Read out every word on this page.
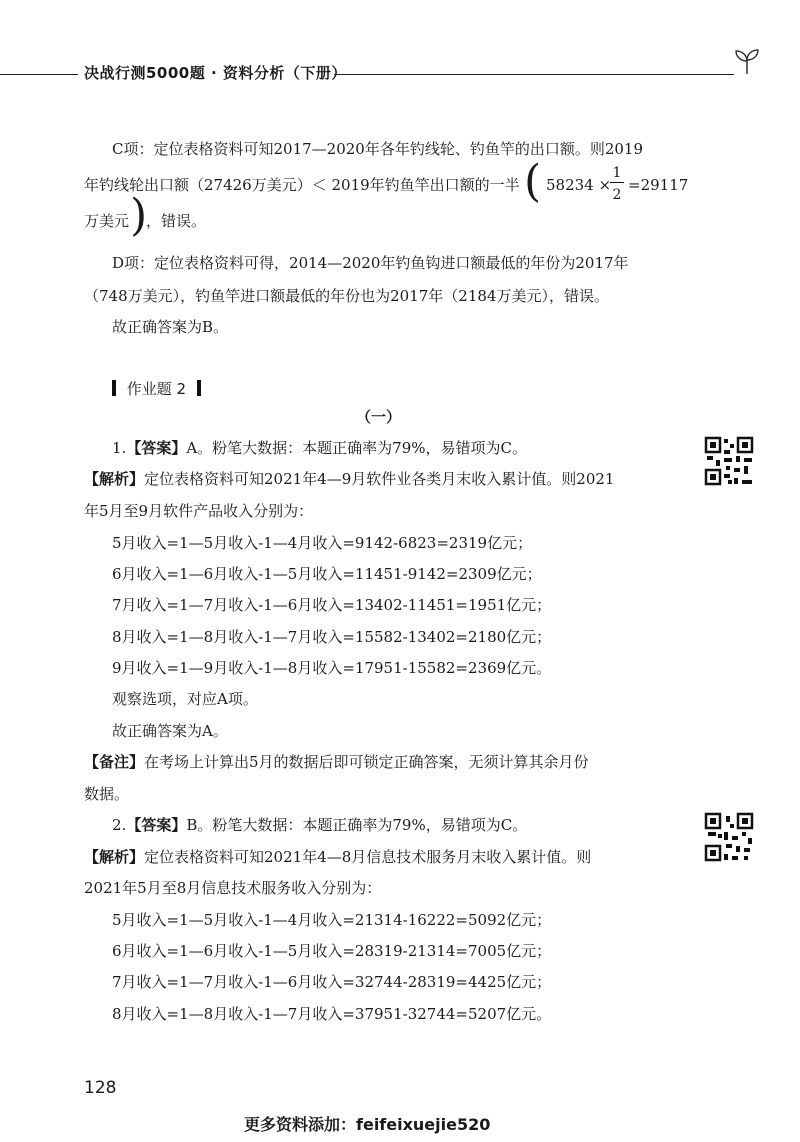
决战行测5000题 · 资料分析（下册）
C项：定位表格资料可知2017—2020年各年钓线轮、钓鱼竿的出口额。则2019
年钓线轮出口额（27426万美元）＜ 2019年钓鱼竿出口额的一半 ( 58234 ×
1
2
=29117
万美元 )
，错误。
D项：定位表格资料可得，2014—2020年钓鱼钩进口额最低的年份为2017年
（748万美元），钓鱼竿进口额最低的年份也为2017年（2184万美元），错误。
故正确答案为B。
作业题 2
（一）
1.【答案】A。粉笔大数据：本题正确率为79%，易错项为C。
【解析】定位表格资料可知2021年4—9月软件业各类月末收入累计值。则2021
年5月至9月软件产品收入分别为：
5月收入=1—5月收入-1—4月收入=9142-6823=2319亿元；
6月收入=1—6月收入-1—5月收入=11451-9142=2309亿元；
7月收入=1—7月收入-1—6月收入=13402-11451=1951亿元；
8月收入=1—8月收入-1—7月收入=15582-13402=2180亿元；
9月收入=1—9月收入-1—8月收入=17951-15582=2369亿元。
观察选项，对应A项。
故正确答案为A。
【备注】在考场上计算出5月的数据后即可锁定正确答案，无须计算其余月份
数据。
2.【答案】B。粉笔大数据：本题正确率为79%，易错项为C。
【解析】定位表格资料可知2021年4—8月信息技术服务月末收入累计值。则
2021年5月至8月信息技术服务收入分别为：
5月收入=1—5月收入-1—4月收入=21314-16222=5092亿元；
6月收入=1—6月收入-1—5月收入=28319-21314=7005亿元；
7月收入=1—7月收入-1—6月收入=32744-28319=4425亿元；
8月收入=1—8月收入-1—7月收入=37951-32744=5207亿元。
128
更多资料添加：feifeixuejie520
